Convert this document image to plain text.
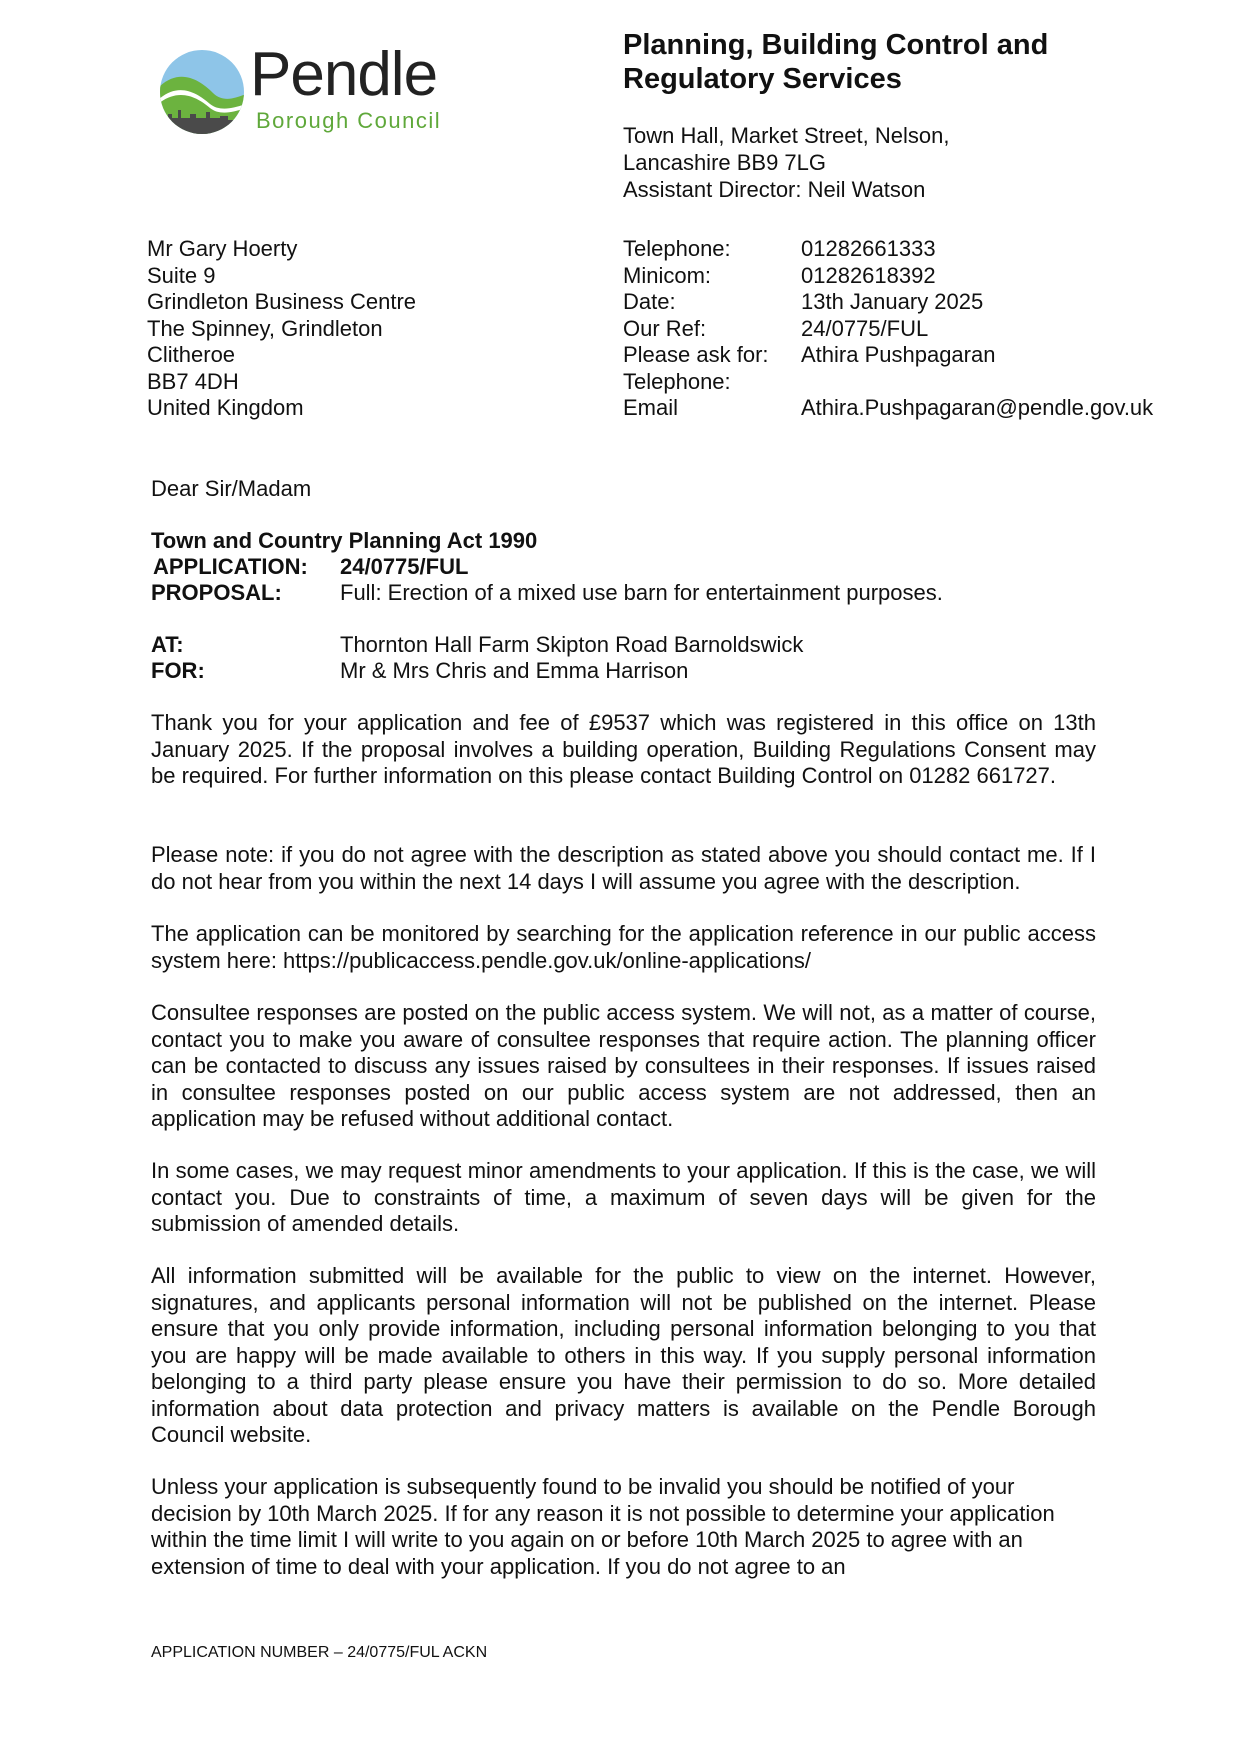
Pendle
Borough Council
Planning, Building Control and Regulatory Services
Town Hall, Market Street, Nelson,
Lancashire BB9 7LG
Assistant Director: Neil Watson
Mr Gary Hoerty
Suite 9
Grindleton Business Centre
The Spinney, Grindleton
Clitheroe
BB7 4DH
United Kingdom
Telephone:	01282661333
Minicom:	01282618392
Date:	13th January 2025
Our Ref:	24/0775/FUL
Please ask for:	Athira Pushpagaran
Telephone:
Email	Athira.Pushpagaran@pendle.gov.uk
Dear Sir/Madam
Town and Country Planning Act 1990
APPLICATION: 24/0775/FUL
PROPOSAL:	Full: Erection of a mixed use barn for entertainment purposes.
AT:	Thornton Hall Farm Skipton Road Barnoldswick
FOR:	Mr & Mrs Chris and Emma Harrison

Thank you for your application and fee of £9537 which was registered in this office on 13th January 2025. If the proposal involves a building operation, Building Regulations Consent may be required. For further information on this please contact Building Control on 01282 661727.

Please note: if you do not agree with the description as stated above you should contact me. If I do not hear from you within the next 14 days I will assume you agree with the description.

The application can be monitored by searching for the application reference in our public access system here: https://publicaccess.pendle.gov.uk/online-applications/

Consultee responses are posted on the public access system. We will not, as a matter of course, contact you to make you aware of consultee responses that require action. The planning officer can be contacted to discuss any issues raised by consultees in their responses. If issues raised in consultee responses posted on our public access system are not addressed, then an application may be refused without additional contact.

In some cases, we may request minor amendments to your application. If this is the case, we will contact you. Due to constraints of time, a maximum of seven days will be given for the submission of amended details.

All information submitted will be available for the public to view on the internet. However, signatures, and applicants personal information will not be published on the internet. Please ensure that you only provide information, including personal information belonging to you that you are happy will be made available to others in this way. If you supply personal information belonging to a third party please ensure you have their permission to do so. More detailed information about data protection and privacy matters is available on the Pendle Borough Council website.

Unless your application is subsequently found to be invalid you should be notified of your decision by 10th March 2025. If for any reason it is not possible to determine your application within the time limit I will write to you again on or before 10th March 2025 to agree with an extension of time to deal with your application. If you do not agree to an

APPLICATION NUMBER – 24/0775/FUL ACKN
